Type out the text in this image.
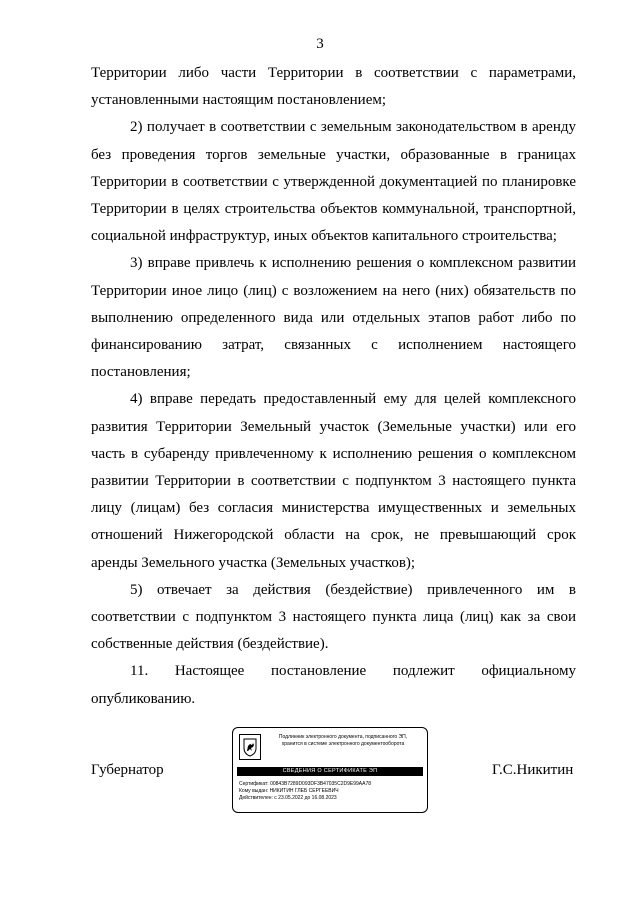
3

Территории либо части Территории в соответствии с параметрами, установленными настоящим постановлением;

2) получает в соответствии с земельным законодательством в аренду без проведения торгов земельные участки, образованные в границах Территории в соответствии с утвержденной документацией по планировке Территории в целях строительства объектов коммунальной, транспортной, социальной инфраструктур, иных объектов капитального строительства;

3) вправе привлечь к исполнению решения о комплексном развитии Территории иное лицо (лиц) с возложением на него (них) обязательств по выполнению определенного вида или отдельных этапов работ либо по финансированию затрат, связанных с исполнением настоящего постановления;

4) вправе передать предоставленный ему для целей комплексного развития Территории Земельный участок (Земельные участки) или его часть в субаренду привлеченному к исполнению решения о комплексном развитии Территории в соответствии с подпунктом 3 настоящего пункта лицу (лицам) без согласия министерства имущественных и земельных отношений Нижегородской области на срок, не превышающий срок аренды Земельного участка (Земельных участков);

5) отвечает за действия (бездействие) привлеченного им в соответствии с подпунктом 3 настоящего пункта лица (лиц) как за свои собственные действия (бездействие).

11. Настоящее постановление подлежит официальному опубликованию.

Губернатор	Г.С.Никитин
Подлинник электронного документа, подписанного ЭП,
хранится в системе электронного документооборота
СВЕДЕНИЯ О СЕРТИФИКАТЕ ЭП
Сертификат: 00843B7289D093DF3B47035C2D9E99AA78
Кому выдан: НИКИТИН ГЛЕБ СЕРГЕЕВИЧ
Действителен: с 23.05.2022 до 16.08.2023
